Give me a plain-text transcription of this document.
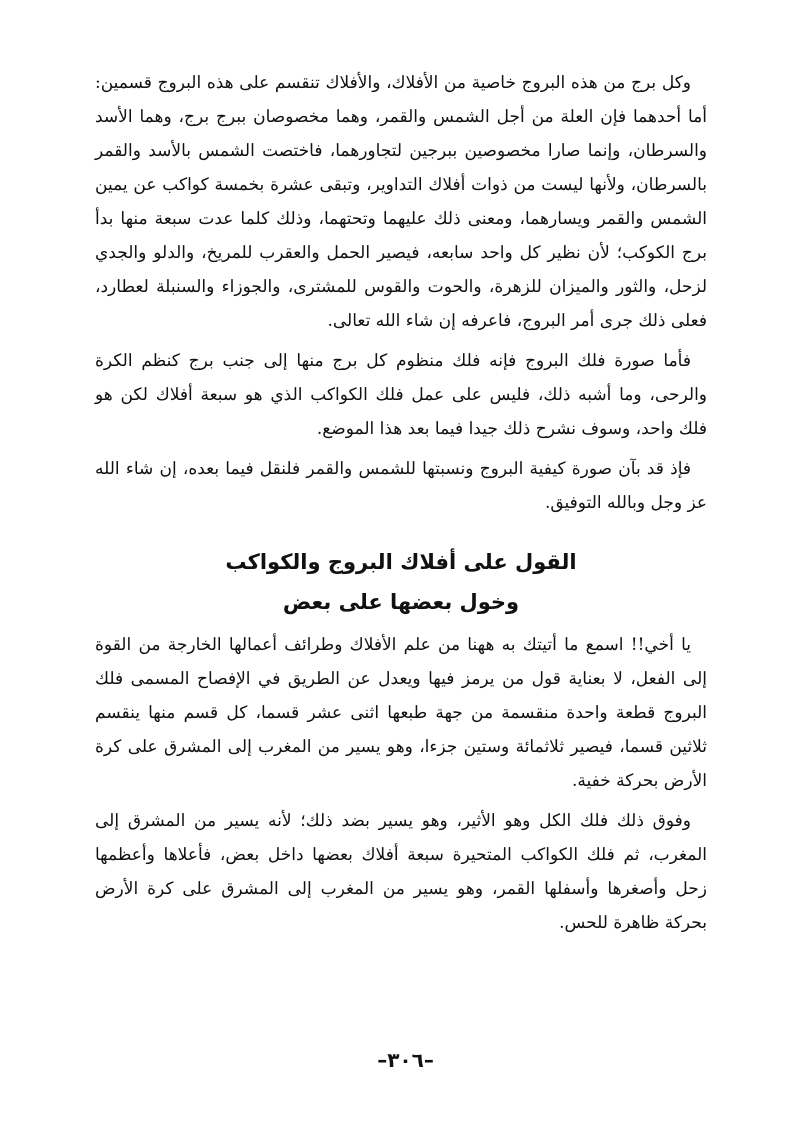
وكل برج من هذه البروج خاصية من الأفلاك، والأفلاك تنقسم على هذه البروج قسمين: أما أحدهما فإن العلة من أجل الشمس والقمر، وهما مخصوصان ببرج برج، وهما الأسد والسرطان، وإنما صارا مخصوصين ببرجين لتجاورهما، فاختصت الشمس بالأسد والقمر بالسرطان، ولأنها ليست من ذوات أفلاك التداوير، وتبقى عشرة بخمسة كواكب عن يمين الشمس والقمر ويسارهما، ومعنى ذلك عليهما وتحتهما، وذلك كلما عدت سبعة منها بدأ برج الكوكب؛ لأن نظير كل واحد سابعه، فيصير الحمل والعقرب للمريخ، والدلو والجدي لزحل، والثور والميزان للزهرة، والحوت والقوس للمشترى، والجوزاء والسنبلة لعطارد، فعلى ذلك جرى أمر البروج، فاعرفه إن شاء الله تعالى.

فأما صورة فلك البروج فإنه فلك منظوم كل برج منها إلى جنب برج كنظم الكرة والرحى، وما أشبه ذلك، فليس على عمل فلك الكواكب الذي هو سبعة أفلاك لكن هو فلك واحد، وسوف نشرح ذلك جيدا فيما بعد هذا الموضع.

فإذ قد بآن صورة كيفية البروج ونسبتها للشمس والقمر فلنقل فيما بعده، إن شاء الله عز وجل وبالله التوفيق.

القول على أفلاك البروج والكواكب
وخول بعضها على بعض

يا أخي!! اسمع ما أتيتك به ههنا من علم الأفلاك وطرائف أعمالها الخارجة من القوة إلى الفعل، لا بعناية قول من يرمز فيها ويعدل عن الطريق في الإفصاح المسمى فلك البروج قطعة واحدة منقسمة من جهة طبعها اثنى عشر قسما، كل قسم منها ينقسم ثلاثين قسما، فيصير ثلاثمائة وستين جزءا، وهو يسير من المغرب إلى المشرق على كرة الأرض بحركة خفية.

وفوق ذلك فلك الكل وهو الأثير، وهو يسير بضد ذلك؛ لأنه يسير من المشرق إلى المغرب، ثم فلك الكواكب المتحيرة سبعة أفلاك بعضها داخل بعض، فأعلاها وأعظمها زحل وأصغرها وأسفلها القمر، وهو يسير من المغرب إلى المشرق على كرة الأرض بحركة ظاهرة للحس.

–٣٠٦–
